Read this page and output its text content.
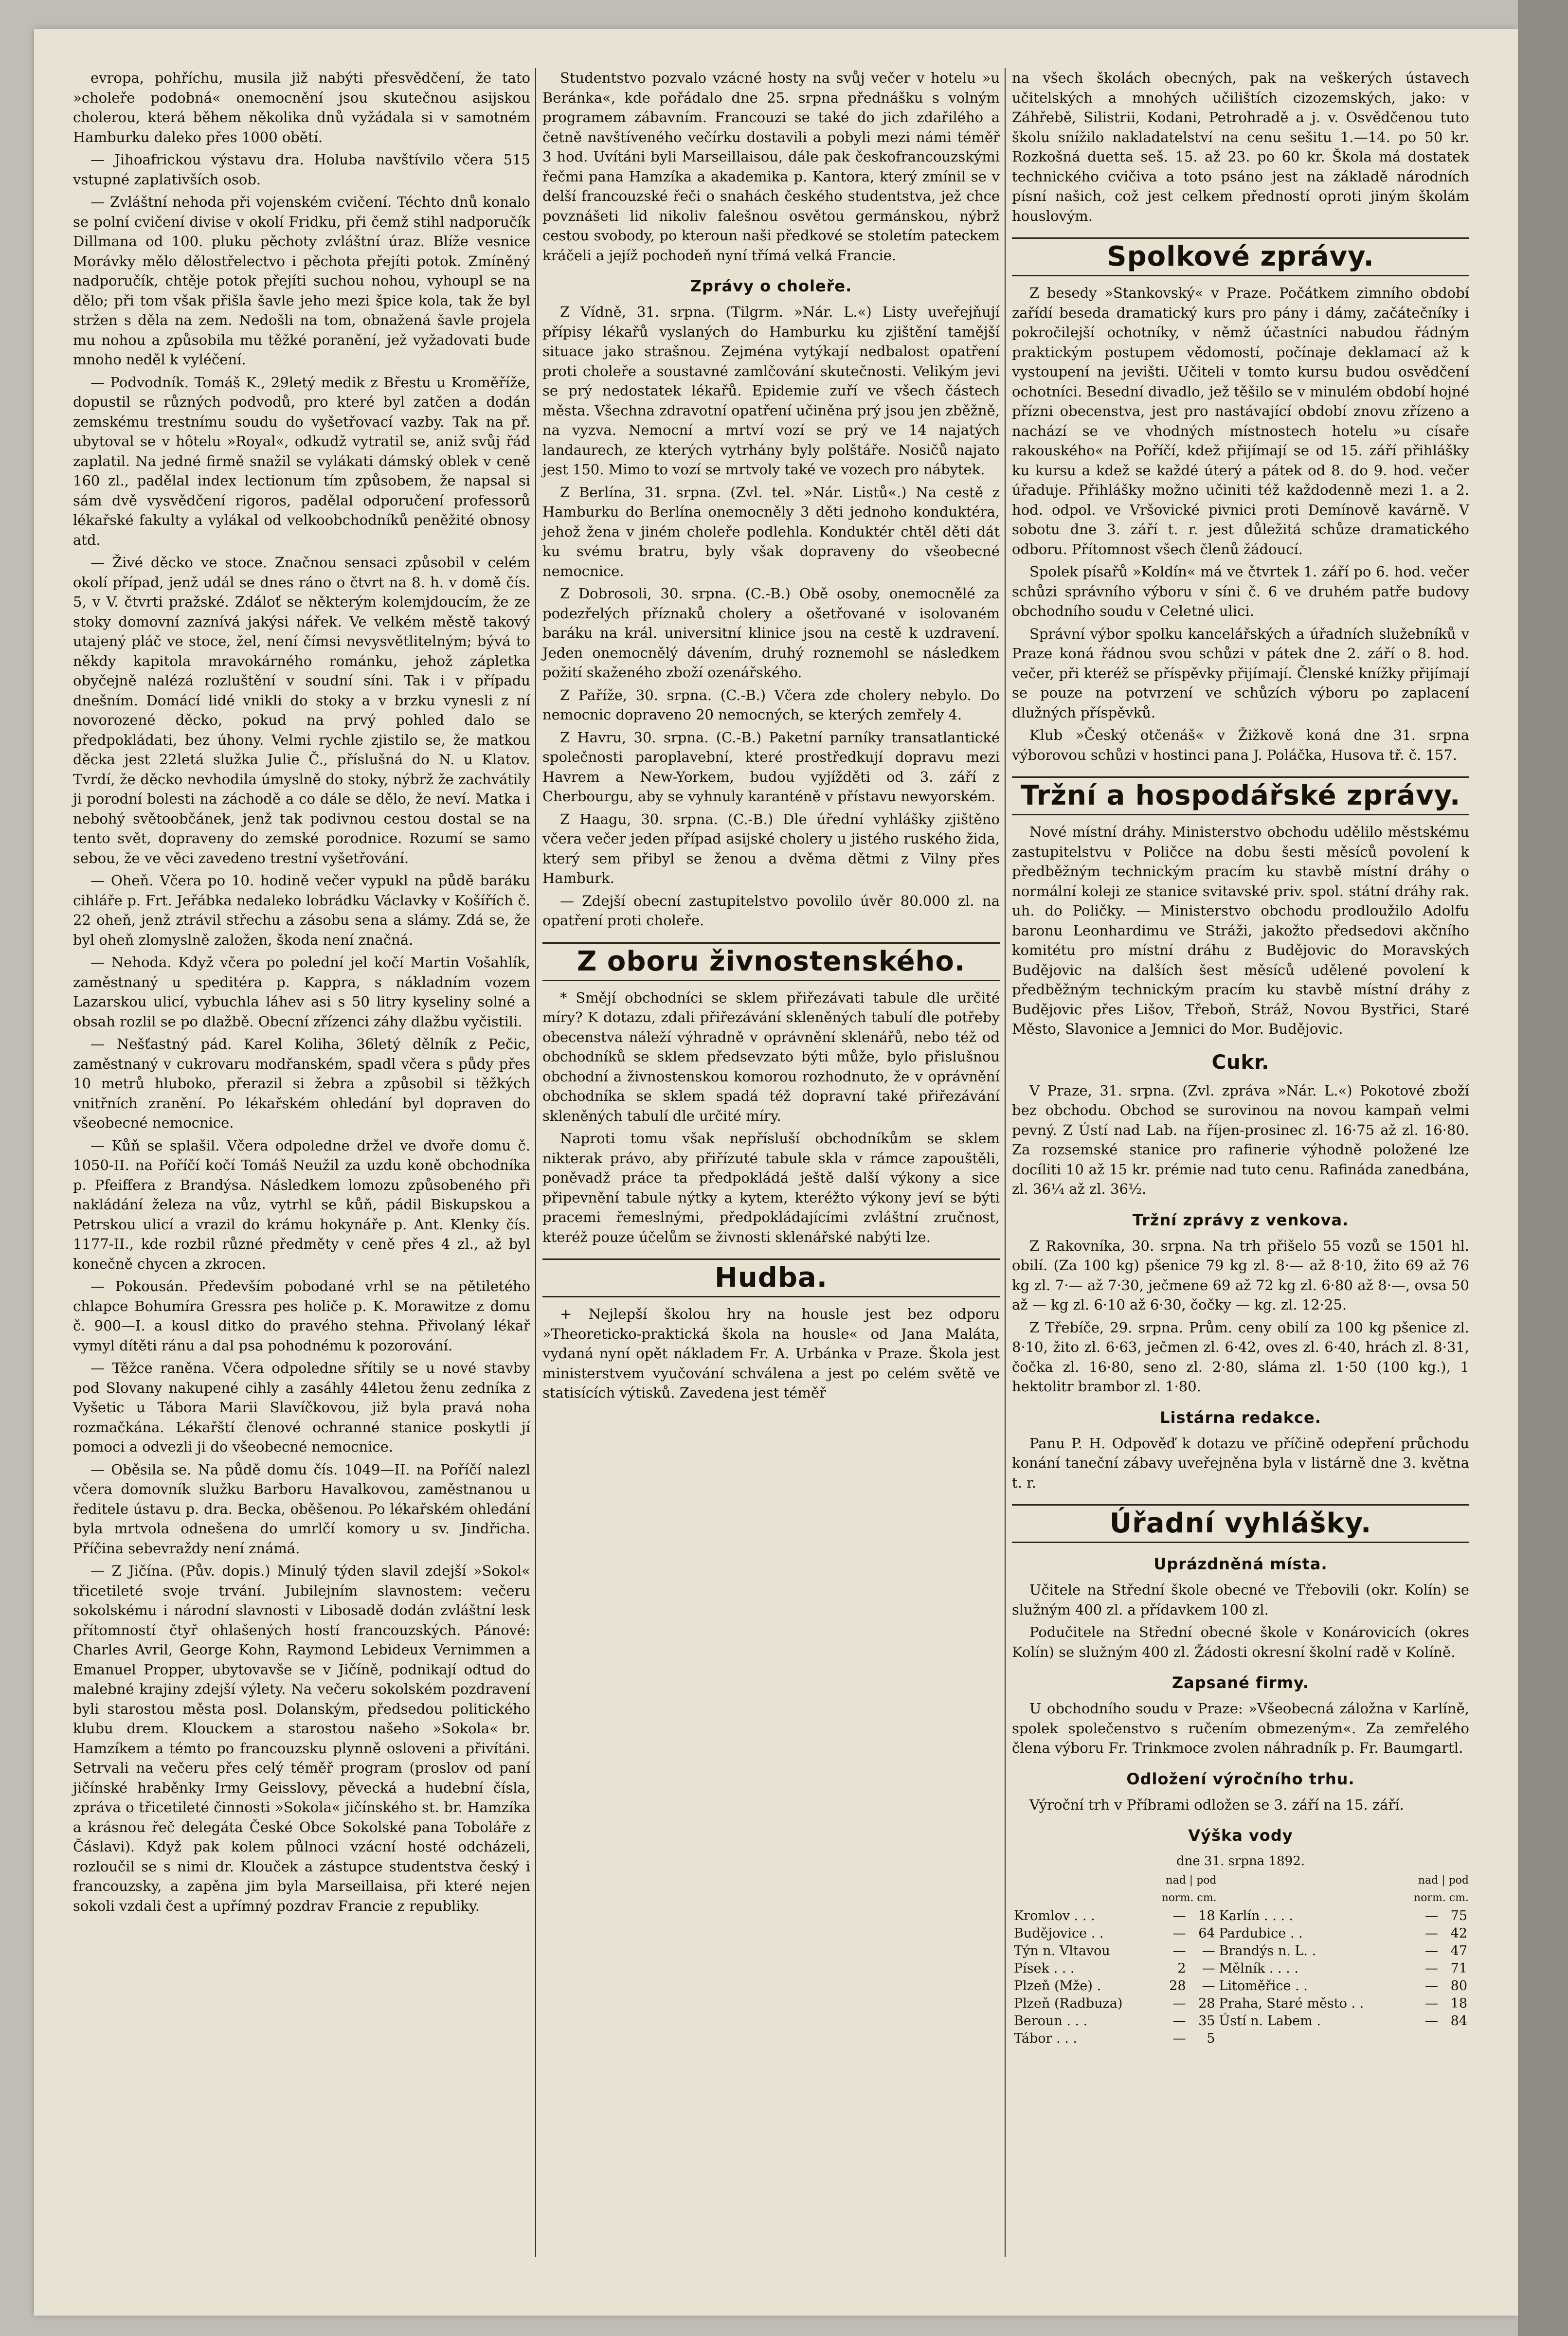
evropa, pohříchu, musila již nabýti přesvědčení, že tato »choleře podobná« onemocnění jsou skutečnou asijskou cholerou, která během několika dnů vyžádala si v samotném Hamburku daleko přes 1000 obětí.

— Jihoafrickou výstavu dra. Holuba navštívilo včera 515 vstupné zaplativších osob.

— Zvláštní nehoda při vojenském cvičení. Téchto dnů konalo se polní cvičení divise v okolí Fridku, při čemž stihl nadporučík Dillmana od 100. pluku pěchoty zvláštní úraz. Blíže vesnice Morávky mělo dělostřelectvo i pěchota přejíti potok. Zmíněný nadporučík, chtěje potok přejíti suchou nohou, vyhoupl se na dělo; při tom však přišla šavle jeho mezi špice kola, tak že byl stržen s děla na zem. Nedošli na tom, obnažená šavle projela mu nohou a způsobila mu těžké poranění, jež vyžadovati bude mnoho neděl k vyléčení.

— Podvodník. Tomáš K., 29letý medik z Břestu u Kroměříže, dopustil se různých podvodů, pro které byl zatčen a dodán zemskému trestnímu soudu do vyšetřovací vazby. Tak na př. ubytoval se v hôtelu »Royal«, odkudž vytratil se, aniž svůj řád zaplatil. Na jedné firmě snažil se vylákati dámský oblek v ceně 160 zl., padělal index lectionum tím způsobem, že napsal si sám dvě vysvědčení rigoros, padělal odporučení professorů lékařské fakulty a vylákal od velkoobchodníků peněžité obnosy atd.

— Živé děcko ve stoce. Značnou sensaci způsobil v celém okolí případ, jenž udál se dnes ráno o čtvrt na 8. h. v domě čís. 5, v V. čtvrti pražské. Zdáloť se některým kolemjdoucím, že ze stoky domovní zaznívá jakýsi nářek. Ve velkém městě takový utajený pláč ve stoce, žel, není čímsi nevysvětlitelným; bývá to někdy kapitola mravokárného románku, jehož zápletka obyčejně nalézá rozluštění v soudní síni. Tak i v případu dnešním. Domácí lidé vnikli do stoky a v brzku vynesli z ní novorozené děcko, pokud na prvý pohled dalo se předpokládati, bez úhony. Velmi rychle zjistilo se, že matkou děcka jest 22letá služka Julie Č., příslušná do N. u Klatov. Tvrdí, že děcko nevhodila úmyslně do stoky, nýbrž že zachvátily ji porodní bolesti na záchodě a co dále se dělo, že neví. Matka i nebohý světoobčánek, jenž tak podivnou cestou dostal se na tento svět, dopraveny do zemské porodnice. Rozumí se samo sebou, že ve věci zavedeno trestní vyšetřování.

— Oheň. Včera po 10. hodině večer vypukl na půdě baráku cihláře p. Frt. Jeřábka nedaleko lobrádku Václavky v Košířích č. 22 oheň, jenž ztrávil střechu a zásobu sena a slámy. Zdá se, že byl oheň zlomyslně založen, škoda není značná.

— Nehoda. Když včera po polední jel kočí Martin Vošahlík, zaměstnaný u speditéra p. Kappra, s nákladním vozem Lazarskou ulicí, vybuchla láhev asi s 50 litry kyseliny solné a obsah rozlil se po dlažbě. Obecní zřízenci záhy dlažbu vyčistili.

— Nešťastný pád. Karel Koliha, 36letý dělník z Pečic, zaměstnaný v cukrovaru modřanském, spadl včera s půdy přes 10 metrů hluboko, přerazil si žebra a způsobil si těžkých vnitřních zranění. Po lékařském ohledání byl dopraven do všeobecné nemocnice.

— Kůň se splašil. Včera odpoledne držel ve dvoře domu č. 1050-II. na Poříčí kočí Tomáš Neužil za uzdu koně obchodníka p. Pfeiffera z Brandýsa. Následkem lomozu způsobeného při nakládání železa na vůz, vytrhl se kůň, pádil Biskupskou a Petrskou ulicí a vrazil do krámu hokynáře p. Ant. Klenky čís. 1177-II., kde rozbil různé předměty v ceně přes 4 zl., až byl konečně chycen a zkrocen.

— Pokousán. Především pobodané vrhl se na pětiletého chlapce Bohumíra Gressra pes holiče p. K. Morawitze z domu č. 900—I. a kousl ditko do pravého stehna. Přivolaný lékař vymyl dítěti ránu a dal psa pohodnému k pozorování.

— Těžce raněna. Včera odpoledne sřítily se u nové stavby pod Slovany nakupené cihly a zasáhly 44letou ženu zedníka z Vyšetic u Tábora Marii Slavíčkovou, již byla pravá noha rozmačkána. Lékařští členové ochranné stanice poskytli jí pomoci a odvezli ji do všeobecné nemocnice.

— Oběsila se. Na půdě domu čís. 1049—II. na Poříčí nalezl včera domovník služku Barboru Havalkovou, zaměstnanou u ředitele ústavu p. dra. Becka, oběšenou. Po lékařském ohledání byla mrtvola odnešena do umrlčí komory u sv. Jindřicha. Příčina sebevraždy není známá.

— Z Jičína. (Pův. dopis.) Minulý týden slavil zdejší »Sokol« třicetileté svoje trvání. Jubilejním slavnostem: večeru sokolskému i národní slavnosti v Libosadě dodán zvláštní lesk přítomností čtyř ohlašených hostí francouzských. Pánové: Charles Avril, George Kohn, Raymond Lebideux Vernimmen a Emanuel Propper, ubytovavše se v Jičíně, podnikají odtud do malebné krajiny zdejší výlety. Na večeru sokolském pozdravení byli starostou města posl. Dolanským, předsedou politického klubu drem. Klouckem a starostou našeho »Sokola« br. Hamzíkem a témto po francouzsku plynně osloveni a přivítáni. Setrvali na večeru přes celý téměř program (proslov od paní jičínské hraběnky Irmy Geisslovy, pěvecká a hudební čísla, zpráva o třicetileté činnosti »Sokola« jičínského st. br. Hamzíka a krásnou řeč delegáta České Obce Sokolské pana Toboláře z Čáslavi). Když pak kolem půlnoci vzácní hosté odcházeli, rozloučil se s nimi dr. Klouček a zástupce studentstva český i francouzsky, a zapěna jim byla Marseillaisa, při které nejen sokoli vzdali čest a upřímný pozdrav Francie z republiky.

Studentstvo pozvalo vzácné hosty na svůj večer v hotelu »u Beránka«, kde pořádalo dne 25. srpna přednášku s volným programem zábavním. Francouzi se také do jich zdařilého a četně navštíveného večírku dostavili a pobyli mezi námi téměř 3 hod. Uvítáni byli Marseillaisou, dále pak českofrancouzskými řečmi pana Hamzíka a akademika p. Kantora, který zmínil se v delší francouzské řeči o snahách českého studentstva, jež chce povznášeti lid nikoliv falešnou osvětou germánskou, nýbrž cestou svobody, po kteroun naši předkové se stoletím pateckem kráčeli a jejíž pochodeň nyní třímá velká Francie.

Zprávy o choleře.

Z Vídně, 31. srpna. (Tilgrm. »Nár. L.«) Listy uveřejňují přípisy lékařů vyslaných do Hamburku ku zjištění tamější situace jako strašnou. Zejména vytýkají nedbalost opatření proti choleře a soustavné zamlčování skutečnosti. Velikým jevi se prý nedostatek lékařů. Epidemie zuří ve všech částech města. Všechna zdravotní opatření učiněna prý jsou jen zběžně, na vyzva. Nemocní a mrtví vozí se prý ve 14 najatých landaurech, ze kterých vytrhány byly polštáře. Nosičů najato jest 150. Mimo to vozí se mrtvoly také ve vozech pro nábytek.

Z Berlína, 31. srpna. (Zvl. tel. »Nár. Listů«.) Na cestě z Hamburku do Berlína onemocněly 3 děti jednoho konduktéra, jehož žena v jiném choleře podlehla. Konduktér chtěl děti dát ku svému bratru, byly však dopraveny do všeobecné nemocnice.

Z Dobrosoli, 30. srpna. (C.-B.) Obě osoby, onemocnělé za podezřelých příznaků cholery a ošetřované v isolovaném baráku na král. universitní klinice jsou na cestě k uzdravení. Jeden onemocnělý dávením, druhý roznemohl se následkem požití skaženého zboží ozenářského.

Z Paříže, 30. srpna. (C.-B.) Včera zde cholery nebylo. Do nemocnic dopraveno 20 nemocných, se kterých zemřely 4.

Z Havru, 30. srpna. (C.-B.) Paketní parníky transatlantické společnosti paroplavební, které prostředkují dopravu mezi Havrem a New-Yorkem, budou vyjížděti od 3. září z Cherbourgu, aby se vyhnuly karanténě v přístavu newyorském.

Z Haagu, 30. srpna. (C.-B.) Dle úřední vyhlášky zjištěno včera večer jeden případ asijské cholery u jistého ruského žida, který sem přibyl se ženou a dvěma dětmi z Vilny přes Hamburk.

— Zdejší obecní zastupitelstvo povolilo úvěr 80.000 zl. na opatření proti choleře.

Z oboru živnostenského.

* Smějí obchodníci se sklem přiřezávati tabule dle určité míry? K dotazu, zdali přiřezávání skleněných tabulí dle potřeby obecenstva náleží výhradně v oprávnění sklenářů, nebo též od obchodníků se sklem předsevzato býti může, bylo přislušnou obchodní a živnostenskou komorou rozhodnuto, že v oprávnění obchodníka se sklem spadá též dopravní také přiřezávání skleněných tabulí dle určité míry.

Naproti tomu však nepřísluší obchodníkům se sklem nikterak právo, aby přiřízuté tabule skla v rámce zapouštěli, poněvadž práce ta předpokládá ještě další výkony a sice připevnění tabule nýtky a kytem, kteréžto výkony jeví se býti pracemi řemeslnými, předpokládajícími zvláštní zručnost, kteréž pouze účelům se živnosti sklenářské nabýti lze.

Hudba.

+ Nejlepší školou hry na housle jest bez odporu »Theoreticko-praktická škola na housle« od Jana Maláta, vydaná nyní opět nákladem Fr. A. Urbánka v Praze. Škola jest ministerstvem vyučování schválena a jest po celém světě ve statisících výtisků. Zavedena jest téměř

na všech školách obecných, pak na veškerých ústavech učitelských a mnohých učilištích cizozemských, jako: v Záhřebě, Silistrii, Kodani, Petrohradě a j. v. Osvědčenou tuto školu snížilo nakladatelství na cenu sešitu 1.—14. po 50 kr. Rozkošná duetta seš. 15. až 23. po 60 kr. Škola má dostatek technického cvičiva a toto psáno jest na základě národních písní našich, což jest celkem předností oproti jiným školám houslovým.

Spolkové zprávy.

Z besedy »Stankovský« v Praze. Počátkem zimního období zařídí beseda dramatický kurs pro pány i dámy, začátečníky i pokročilejší ochotníky, v němž účastníci nabudou řádným praktickým postupem vědomostí, počínaje deklamací až k vystoupení na jevišti. Učiteli v tomto kursu budou osvědčení ochotníci. Besední divadlo, jež těšilo se v minulém období hojné přízni obecenstva, jest pro nastávající období znovu zřízeno a nachází se ve vhodných místnostech hotelu »u císaře rakouského« na Poříčí, kdež přijímají se od 15. září přihlášky ku kursu a kdež se každé úterý a pátek od 8. do 9. hod. večer úřaduje. Přihlášky možno učiniti též každodenně mezi 1. a 2. hod. odpol. ve Vršovické pivnici proti Demínově kavárně. V sobotu dne 3. září t. r. jest důležitá schůze dramatického odboru. Přítomnost všech členů žádoucí.

Spolek písařů »Koldín« má ve čtvrtek 1. září po 6. hod. večer schůzi správního výboru v síni č. 6 ve druhém patře budovy obchodního soudu v Celetné ulici.

Správní výbor spolku kancelářských a úřadních služebníků v Praze koná řádnou svou schůzi v pátek dne 2. září o 8. hod. večer, při kteréž se příspěvky přijímají. Členské knížky přijímají se pouze na potvrzení ve schůzích výboru po zaplacení dlužných příspěvků.

Klub »Český otčenáš« v Žižkově koná dne 31. srpna výborovou schůzi v hostinci pana J. Poláčka, Husova tř. č. 157.

Tržní a hospodářské zprávy.

Nové místní dráhy. Ministerstvo obchodu udělilo městskému zastupitelstvu v Poličce na dobu šesti měsíců povolení k předběžným technickým pracím ku stavbě místní dráhy o normální koleji ze stanice svitavské priv. spol. státní dráhy rak. uh. do Poličky. — Ministerstvo obchodu prodloužilo Adolfu baronu Leonhardimu ve Stráži, jakožto předsedovi akčního komitétu pro místní dráhu z Budějovic do Moravských Budějovic na dalších šest měsíců udělené povolení k předběžným technickým pracím ku stavbě místní dráhy z Budějovic přes Lišov, Třeboň, Stráž, Novou Bystřici, Staré Město, Slavonice a Jemnici do Mor. Budějovic.

Cukr.

V Praze, 31. srpna. (Zvl. zpráva »Nár. L.«) Pokotové zboží bez obchodu. Obchod se surovinou na novou kampaň velmi pevný. Z Ústí nad Lab. na říjen-prosinec zl. 16·75 až zl. 16·80. Za rozsemské stanice pro rafinerie výhodně položené lze docíliti 10 až 15 kr. prémie nad tuto cenu. Rafináda zanedbána, zl. 36¼ až zl. 36½.

Tržní zprávy z venkova.

Z Rakovníka, 30. srpna. Na trh přišelo 55 vozů se 1501 hl. obilí. (Za 100 kg) pšenice 79 kg zl. 8·— až 8·10, žito 69 až 76 kg zl. 7·— až 7·30, ječmene 69 až 72 kg zl. 6·80 až 8·—, ovsa 50 až — kg zl. 6·10 až 6·30, čočky — kg. zl. 12·25.

Z Třebíče, 29. srpna. Prům. ceny obilí za 100 kg pšenice zl. 8·10, žito zl. 6·63, ječmen zl. 6·42, oves zl. 6·40, hrách zl. 8·31, čočka zl. 16·80, seno zl. 2·80, sláma zl. 1·50 (100 kg.), 1 hektolitr brambor zl. 1·80.

Listárna redakce.

Panu P. H. Odpověď k dotazu ve příčině odepření průchodu konání taneční zábavy uveřejněna byla v listárně dne 3. května t. r.

Úřadní vyhlášky.
Uprázdněná místa.

Učitele na Střední škole obecné ve Třebovili (okr. Kolín) se služným 400 zl. a přídavkem 100 zl.

Podučitele na Střední obecné škole v Konárovicích (okres Kolín) se služným 400 zl. Žádosti okresní školní radě v Kolíně.

Zapsané firmy.

U obchodního soudu v Praze: »Všeobecná záložna v Karlíně, spolek společenstvo s ručením obmezeným«. Za zemřelého člena výboru Fr. Trinkmoce zvolen náhradník p. Fr. Baumgartl.

Odložení výročního trhu.

Výroční trh v Příbrami odložen se 3. září na 15. září.

Výška vody
dne 31. srpna 1892.
	nad | pod
norm. cm.			nad | pod
norm. cm.	
Kromlov . . .	—	18	Karlín . . . .	—	75
Budějovice . .	—	64	Pardubice . .	—	42
Týn n. Vltavou	—	—	Brandýs n. L. .	—	47
Písek . . .	2	—	Mělník . . . .	—	71
Plzeň (Mže) .	28	—	Litoměřice . .	—	80
Plzeň (Radbuza)	—	28	Praha, Staré město . .	—	18
Beroun . . .	—	35	Ústí n. Labem .	—	84
Tábor . . .	—	5			
